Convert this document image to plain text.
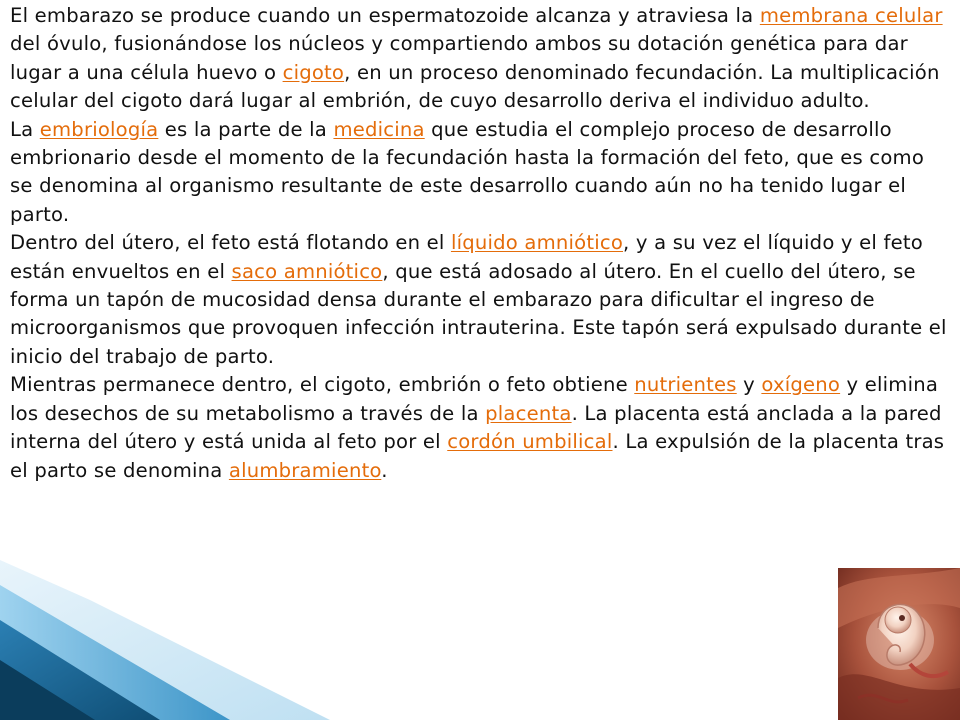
El embarazo se produce cuando un espermatozoide alcanza y atraviesa la membrana celular del óvulo, fusionándose los núcleos y compartiendo ambos su dotación genética para dar lugar a una célula huevo o cigoto, en un proceso denominado fecundación. La multiplicación celular del cigoto dará lugar al embrión, de cuyo desarrollo deriva el individuo adulto.

La embriología es la parte de la medicina que estudia el complejo proceso de desarrollo embrionario desde el momento de la fecundación hasta la formación del feto, que es como se denomina al organismo resultante de este desarrollo cuando aún no ha tenido lugar el parto.

Dentro del útero, el feto está flotando en el líquido amniótico, y a su vez el líquido y el feto están envueltos en el saco amniótico, que está adosado al útero. En el cuello del útero, se forma un tapón de mucosidad densa durante el embarazo para dificultar el ingreso de microorganismos que provoquen infección intrauterina. Este tapón será expulsado durante el inicio del trabajo de parto.

Mientras permanece dentro, el cigoto, embrión o feto obtiene nutrientes y oxígeno y elimina los desechos de su metabolismo a través de la placenta. La placenta está anclada a la pared interna del útero y está unida al feto por el cordón umbilical. La expulsión de la placenta tras el parto se denomina alumbramiento.
